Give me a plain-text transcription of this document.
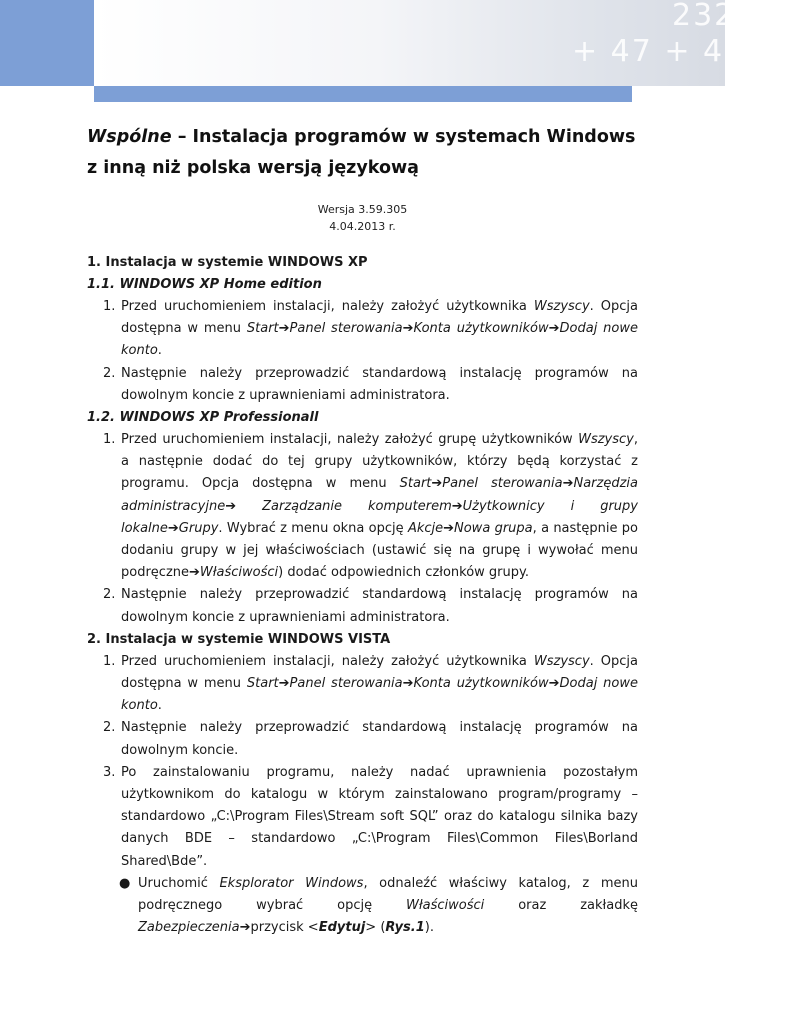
2323
+ 47 + 4777
Wspólne – Instalacja programów w systemach Windows z inną niż polska wersją językową
Wersja 3.59.305
4.04.2013 r.
1. Instalacja w systemie WINDOWS XP
1.1. WINDOWS XP Home edition
1. Przed uruchomieniem instalacji, należy założyć użytkownika Wszyscy. Opcja dostępna w menu Start➔Panel sterowania➔Konta użytkowników➔Dodaj nowe konto.
2. Następnie należy przeprowadzić standardową instalację programów na dowolnym koncie z uprawnieniami administratora.
1.2. WINDOWS XP Professionall
1. Przed uruchomieniem instalacji, należy założyć grupę użytkowników Wszyscy, a następnie dodać do tej grupy użytkowników, którzy będą korzystać z programu. Opcja dostępna w menu Start➔Panel sterowania➔Narzędzia administracyjne➔ Zarządzanie komputerem➔Użytkownicy i grupy lokalne➔Grupy. Wybrać z menu okna opcję Akcje➔Nowa grupa, a następnie po dodaniu grupy w jej właściwościach (ustawić się na grupę i wywołać menu podręczne➔Właściwości) dodać odpowiednich członków grupy.
2. Następnie należy przeprowadzić standardową instalację programów na dowolnym koncie z uprawnieniami administratora.
2. Instalacja w systemie WINDOWS VISTA
1. Przed uruchomieniem instalacji, należy założyć użytkownika Wszyscy. Opcja dostępna w menu Start➔Panel sterowania➔Konta użytkowników➔Dodaj nowe konto.
2. Następnie należy przeprowadzić standardową instalację programów na dowolnym koncie.
3. Po zainstalowaniu programu, należy nadać uprawnienia pozostałym użytkownikom do katalogu w którym zainstalowano program/programy – standardowo „C:\Program Files\Stream soft SQL” oraz do katalogu silnika bazy danych BDE – standardowo „C:\Program Files\Common Files\Borland Shared\Bde”.
● Uruchomić Eksplorator Windows, odnaleźć właściwy katalog, z menu podręcznego wybrać opcję Właściwości oraz zakładkę Zabezpieczenia➔przycisk <Edytuj> (Rys.1).
